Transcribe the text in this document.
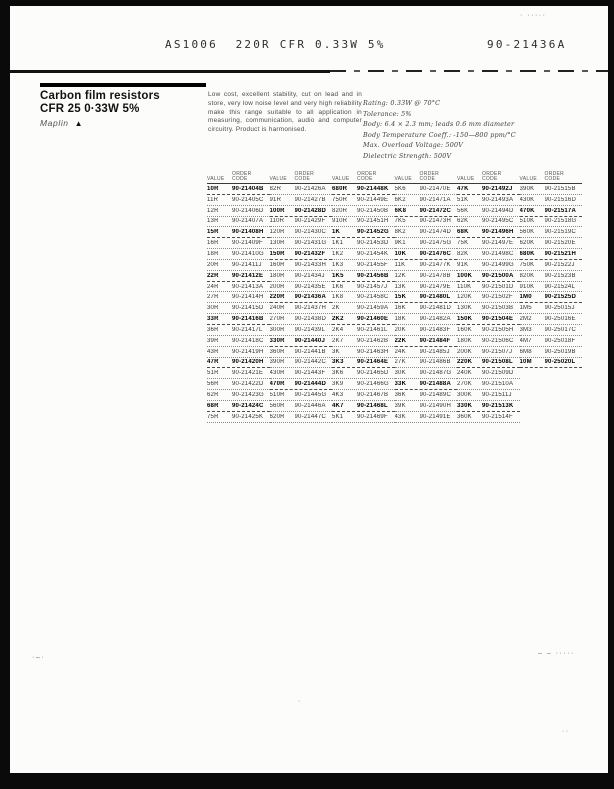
AS1006  220R CFR 0.33W 5%	90-21436A
Carbon film resistors
CFR 25 0·33W 5%
Maplin ▲
Low cost, excellent stability, cut on lead and in store, very low noise level and very high reliability make this range suitable to all application in measuring, communication, audio and computer circuitry. Product is harmonised.
Rating: 0.33W @ 70°C
Tolerance: 5%
Body: 6.4 × 2.3 mm; leads 0.6 mm diameter
Body Temperature Coeff.: -150—800 ppm/°C
Max. Overload Voltage: 500V
Dielectric Strength: 500V
VALUE
ORDER
CODE
10R	90-21404B
11R	90-21405C
12R	90-21406D
13R	90-21407A
15R	90-21408H
16R	90-21409F
18R	90-21410G
20R	90-21411J
22R	90-21412E
24R	90-21413A
27R	90-21414H
30R	90-21415D
33R	90-21416B
36R	90-21417L
39R	90-21418C
43R	90-21419H
47R	90-21420H
51R	90-21421E
56R	90-21422D
62R	90-21423G
68R	90-21424C
75R	90-21425K
VALUE
ORDER
CODE
82R	90-21426A
91R	90-21427B
100R	90-21428D
110R	90-21429F
120R	90-21430C
130R	90-21431G
150R	90-21432F
160R	90-21433H
180R	90-21434J
200R	90-21435E
220R	90-21436A
240R	90-21437H
270R	90-21438D
300R	90-21439L
330R	90-21440J
360R	90-21441B
390R	90-21442C
430R	90-21443F
470R	90-21444D
510R	90-21445G
560R	90-21446A
620R	90-21447C
VALUE
ORDER
CODE
680R	90-21448K
750R	90-21449E
820R	90-21450B
910R	90-21451H
1K	90-21452G
1K1	90-21453D
1K2	90-21454K
1K3	90-21455F
1K5	90-21456B
1K6	90-21457J
1K8	90-21458C
2K	90-21459A
2K2	90-21460E
2K4	90-21461L
2K7	90-21462B
3K	90-21463H
3K3	90-21464E
3K6	90-21465D
3K9	90-21466G
4K3	90-21467B
4K7	90-21468L
5K1	90-21469F
VALUE
ORDER
CODE
5K6	90-21470E
6K2	90-21471A
6K8	90-21472C
7K5	90-21473H
8K2	90-21474D
9K1	90-21475G
10K	90-21476C
11K	90-21477K
12K	90-21478B
13K	90-21479E
15K	90-21480L
16K	90-21481D
18K	90-21482A
20K	90-21483F
22K	90-21484F
24K	90-21485J
27K	90-21486B
30K	90-21487G
33K	90-21488A
36K	90-21489C
39K	90-21490H
43K	90-21491E
VALUE
ORDER
CODE
47K	90-21492J
51K	90-21493A
56K	90-21494D
62K	90-21495C
68K	90-21496H
75K	90-21497E
82K	90-21498C
91K	90-21499G
100K	90-21500A
110K	90-21501D
120K	90-21502F
130K	90-21503B
150K	90-21504E
160K	90-21505H
180K	90-21506C
200K	90-21507J
220K	90-21508L
240K	90-21509D
270K	90-21510A
300K	90-21511J
330K	90-21513K
360K	90-21514F
VALUE
ORDER
CODE
390K	90-21515B
430K	90-21516D
470K	90-21517A
510K	90-21518G
560K	90-21519C
620K	90-21520E
680K	90-21521H
750K	90-21522J
820K	90-21523B
910K	90-21524L
1M0	90-21525D
1M5	90-25015J
2M2	90-25016E
3M3	90-25017C
4M7	90-25018F
6M8	90-25019B
10M	90-25020L
· ·····
– – ·····
·–·
·
··
